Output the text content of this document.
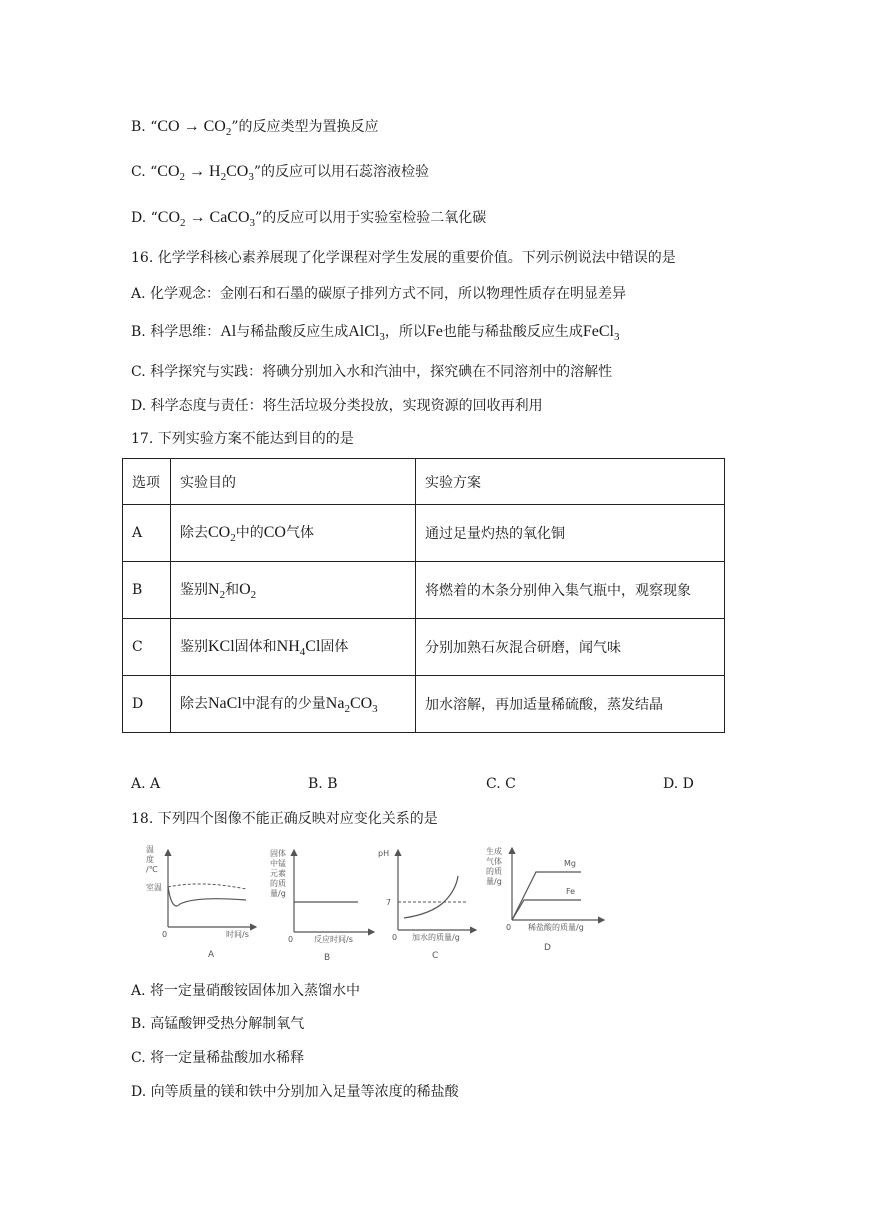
B. “CO → $CO_2$”的反应类型为置换反应
C. “$CO_2 \to H_2CO_3$”的反应可以用石蕊溶液检验
D. “$CO_2$ → CaCO$_3$”的反应可以用于实验室检验二氧化碳
16. 化学学科核心素养展现了化学课程对学生发展的重要价值。下列示例说法中错误的是
A. 化学观念：金刚石和石墨的碳原子排列方式不同，所以物理性质存在明显差异
B. 科学思维：Al与稀盐酸反应生成AlCl$_3$，所以Fe也能与稀盐酸反应生成FeCl$_3$
C. 科学探究与实践：将碘分别加入水和汽油中，探究碘在不同溶剂中的溶解性
D. 科学态度与责任：将生活垃圾分类投放，实现资源的回收再利用
17. 下列实验方案不能达到目的的是
选项	实验目的	实验方案
A	除去$CO_2$中的CO气体	通过足量灼热的氧化铜
B	鉴别$N_2$和$O_2$	将燃着的木条分别伸入集气瓶中，观察现象
C	鉴别KCl固体和$NH_4Cl$固体	分别加熟石灰混合研磨，闻气味
D	除去NaCl中混有的少量$Na_2CO_3$	加水溶解，再加适量稀硫酸，蒸发结晶
A. A	B. B	C. C	D. D
18. 下列四个图像不能正确反映对应变化关系的是
温
度
/℃
室温
0	时间/s
A
固体
中锰
元素
的质
量/g
0	反应时间/s
B
pH
7
0 加水的质量/g
C
生成
气体
的质
量/g
Mg
Fe
0 稀盐酸的质量/g
D
A. 将一定量硝酸铵固体加入蒸馏水中
B. 高锰酸钾受热分解制氧气
C. 将一定量稀盐酸加水稀释
D. 向等质量的镁和铁中分别加入足量等浓度的稀盐酸
